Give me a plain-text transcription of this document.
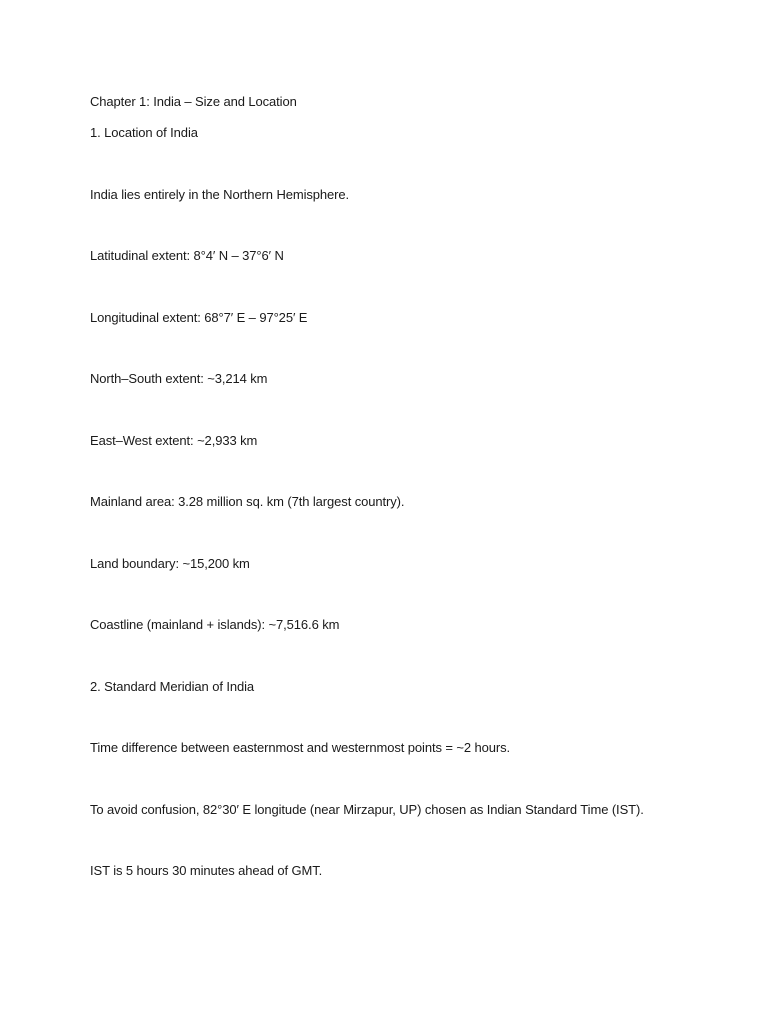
Chapter 1: India – Size and Location
1. Location of India
India lies entirely in the Northern Hemisphere.
Latitudinal extent: 8°4′ N – 37°6′ N
Longitudinal extent: 68°7′ E – 97°25′ E
North–South extent: ~3,214 km
East–West extent: ~2,933 km
Mainland area: 3.28 million sq. km (7th largest country).
Land boundary: ~15,200 km
Coastline (mainland + islands): ~7,516.6 km
2. Standard Meridian of India
Time difference between easternmost and westernmost points = ~2 hours.
To avoid confusion, 82°30′ E longitude (near Mirzapur, UP) chosen as Indian Standard Time (IST).
IST is 5 hours 30 minutes ahead of GMT.
